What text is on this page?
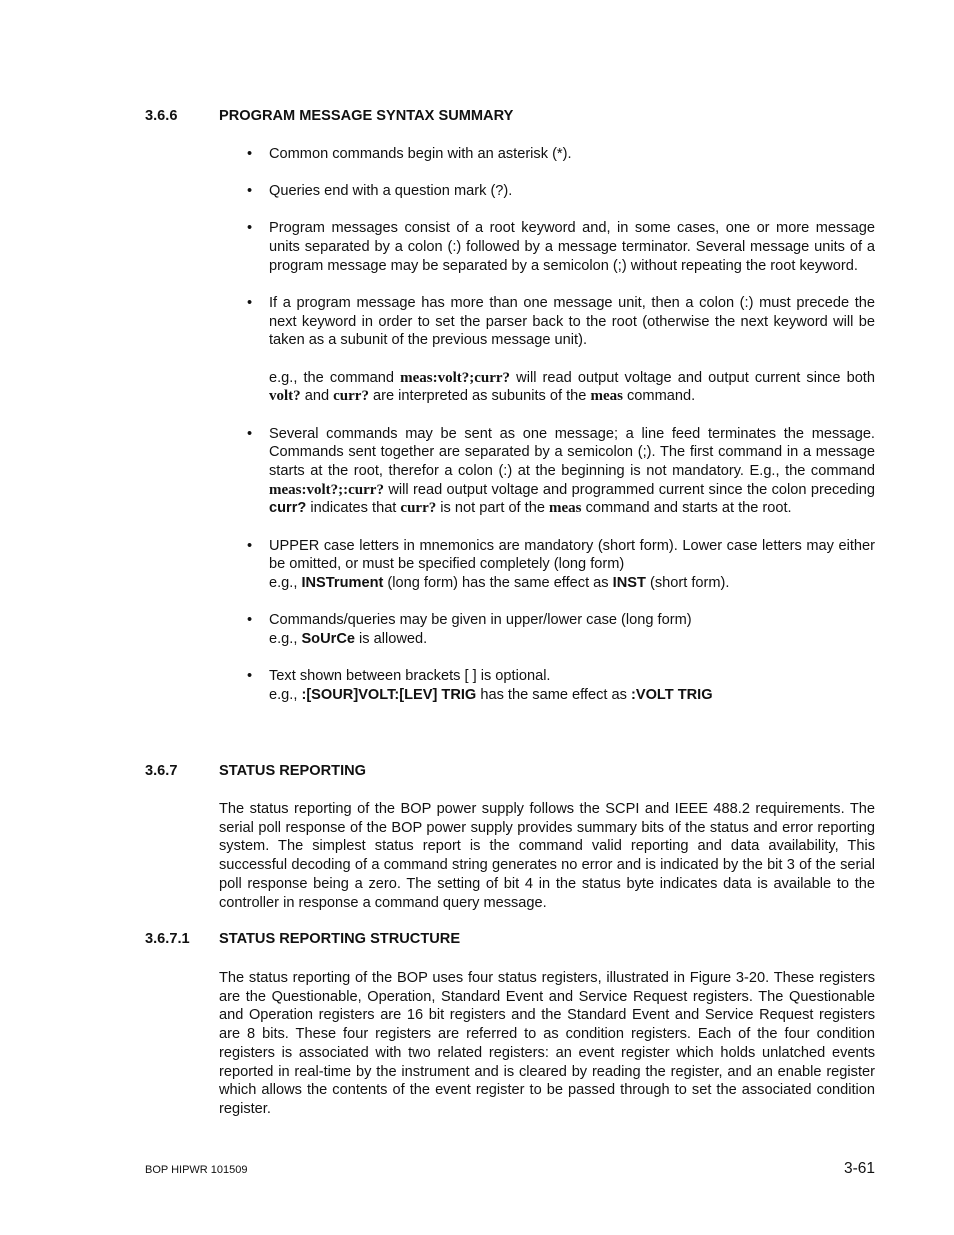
3.6.6	PROGRAM MESSAGE SYNTAX SUMMARY
• Common commands begin with an asterisk (*).

• Queries end with a question mark (?).

• Program messages consist of a root keyword and, in some cases, one or more message units separated by a colon (:) followed by a message terminator. Several message units of a program message may be separated by a semicolon (;) without repeating the root keyword.

• If a program message has more than one message unit, then a colon (:) must precede the next keyword in order to set the parser back to the root (otherwise the next keyword will be taken as a subunit of the previous message unit).

e.g., the command meas:volt?;curr? will read output voltage and output current since both volt? and curr? are interpreted as subunits of the meas command.

• Several commands may be sent as one message; a line feed terminates the message. Commands sent together are separated by a semicolon (;). The first command in a message starts at the root, therefor a colon (:) at the beginning is not mandatory. E.g., the command meas:volt?;:curr? will read output voltage and programmed current since the colon preceding curr? indicates that curr? is not part of the meas command and starts at the root.

• UPPER case letters in mnemonics are mandatory (short form). Lower case letters may either be omitted, or must be specified completely (long form)
e.g., INSTrument (long form) has the same effect as INST (short form).

• Commands/queries may be given in upper/lower case (long form)
e.g., SoUrCe is allowed.

• Text shown between brackets [ ] is optional.
e.g., :[SOUR]VOLT:[LEV] TRIG has the same effect as :VOLT TRIG

3.6.7	STATUS REPORTING

The status reporting of the BOP power supply follows the SCPI and IEEE 488.2 requirements. The serial poll response of the BOP power supply provides summary bits of the status and error reporting system. The simplest status report is the command valid reporting and data availability, This successful decoding of a command string generates no error and is indicated by the bit 3 of the serial poll response being a zero. The setting of bit 4 in the status byte indicates data is available to the controller in response a command query message.

3.6.7.1 STATUS REPORTING STRUCTURE

The status reporting of the BOP uses four status registers, illustrated in Figure 3-20. These registers are the Questionable, Operation, Standard Event and Service Request registers. The Questionable and Operation registers are 16 bit registers and the Standard Event and Service Request registers are 8 bits. These four registers are referred to as condition registers. Each of the four condition registers is associated with two related registers: an event register which holds unlatched events reported in real-time by the instrument and is cleared by reading the register, and an enable register which allows the contents of the event register to be passed through to set the associated condition register.

BOP HIPWR 101509	3-61
